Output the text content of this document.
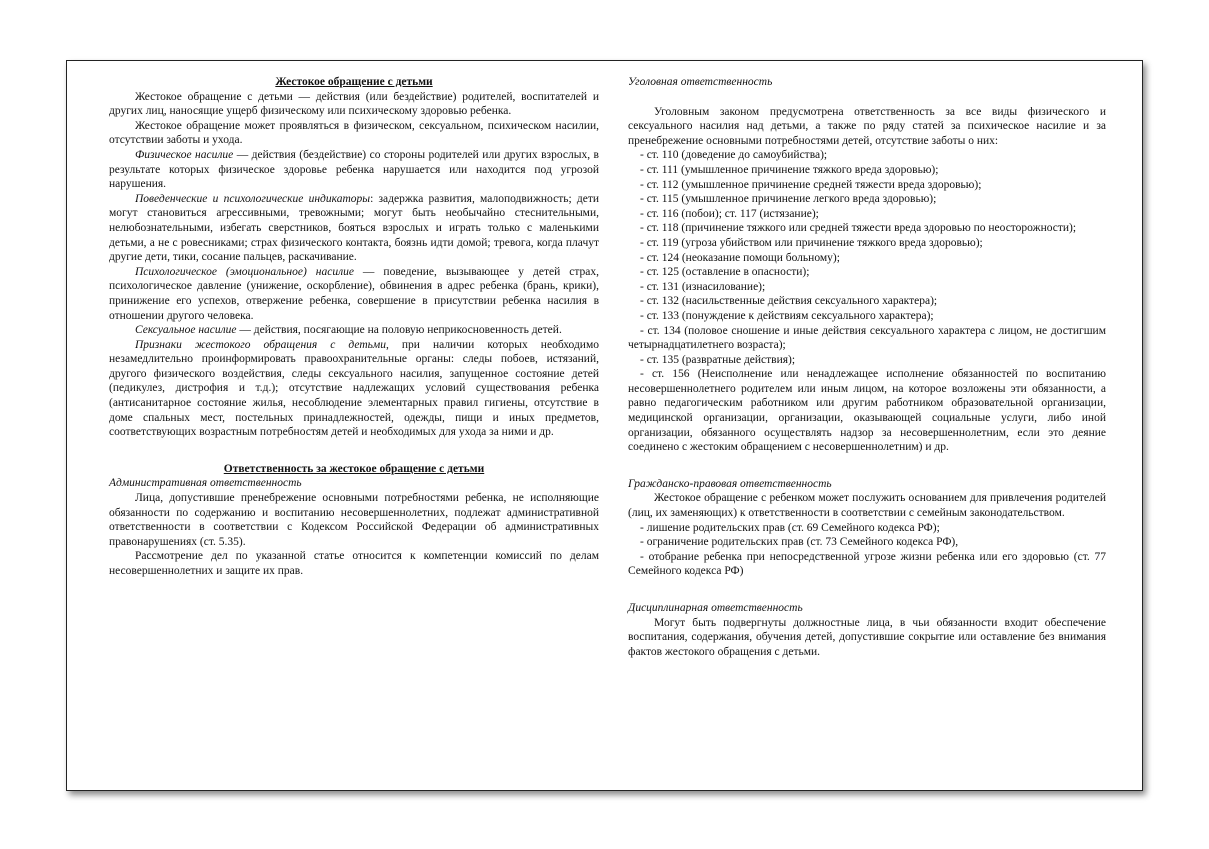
Жестокое обращение с детьми

Жестокое обращение с детьми — действия (или бездействие) родителей, воспитателей и других лиц, наносящие ущерб физическому или психическому здоровью ребенка.

Жестокое обращение может проявляться в физическом, сексуальном, психическом насилии, отсутствии заботы и ухода.

Физическое насилие — действия (бездействие) со стороны родителей или других взрослых, в результате которых физическое здоровье ребенка нарушается или находится под угрозой нарушения.

Поведенческие и психологические индикаторы: задержка развития, малоподвижность; дети могут становиться агрессивными, тревожными; могут быть необычайно стеснительными, нелюбознательными, избегать сверстников, бояться взрослых и играть только с маленькими детьми, а не с ровесниками; страх физического контакта, боязнь идти домой; тревога, когда плачут другие дети, тики, сосание пальцев, раскачивание.

Психологическое (эмоциональное) насилие — поведение, вызывающее у детей страх, психологическое давление (унижение, оскорбление), обвинения в адрес ребенка (брань, крики), принижение его успехов, отвержение ребенка, совершение в присутствии ребенка насилия в отношении другого человека.

Сексуальное насилие — действия, посягающие на половую неприкосновенность детей.

Признаки жестокого обращения с детьми, при наличии которых необходимо незамедлительно проинформировать правоохранительные органы: следы побоев, истязаний, другого физического воздействия, следы сексуального насилия, запущенное состояние детей (педикулез, дистрофия и т.д.); отсутствие надлежащих условий существования ребенка (антисанитарное состояние жилья, несоблюдение элементарных правил гигиены, отсутствие в доме спальных мест, постельных принадлежностей, одежды, пищи и иных предметов, соответствующих возрастным потребностям детей и необходимых для ухода за ними и др.

Ответственность за жестокое обращение с детьми

Административная ответственность

Лица, допустившие пренебрежение основными потребностями ребенка, не исполняющие обязанности по содержанию и воспитанию несовершеннолетних, подлежат административной ответственности в соответствии с Кодексом Российской Федерации об административных правонарушениях (ст. 5.35).

Рассмотрение дел по указанной статье относится к компетенции комиссий по делам несовершеннолетних и защите их прав.

Уголовная ответственность

Уголовным законом предусмотрена ответственность за все виды физического и сексуального насилия над детьми, а также по ряду статей за психическое насилие и за пренебрежение основными потребностями детей, отсутствие заботы о них:

- ст. 110 (доведение до самоубийства);

- ст. 111 (умышленное причинение тяжкого вреда здоровью);

- ст. 112 (умышленное причинение средней тяжести вреда здоровью);

- ст. 115 (умышленное причинение легкого вреда здоровью);

- ст. 116 (побои); ст. 117 (истязание);

- ст. 118 (причинение тяжкого или средней тяжести вреда здоровью по неосторожности);

- ст. 119 (угроза убийством или причинение тяжкого вреда здоровью);

- ст. 124 (неоказание помощи больному);

- ст. 125 (оставление в опасности);

- ст. 131 (изнасилование);

- ст. 132 (насильственные действия сексуального характера);

- ст. 133 (понуждение к действиям сексуального характера);

- ст. 134 (половое сношение и иные действия сексуального характера с лицом, не достигшим четырнадцатилетнего возраста);

- ст. 135 (развратные действия);

- ст. 156 (Неисполнение или ненадлежащее исполнение обязанностей по воспитанию несовершеннолетнего родителем или иным лицом, на которое возложены эти обязанности, а равно педагогическим работником или другим работником образовательной организации, медицинской организации, организации, оказывающей социальные услуги, либо иной организации, обязанного осуществлять надзор за несовершеннолетним, если это деяние соединено с жестоким обращением с несовершеннолетним) и др.

Гражданско-правовая ответственность

Жестокое обращение с ребенком может послужить основанием для привлечения родителей (лиц, их заменяющих) к ответственности в соответствии с семейным законодательством.

- лишение родительских прав (ст. 69 Семейного кодекса РФ);

- ограничение родительских прав (ст. 73 Семейного кодекса РФ),

- отобрание ребенка при непосредственной угрозе жизни ребенка или его здоровью (ст. 77 Семейного кодекса РФ)

Дисциплинарная ответственность

Могут быть подвергнуты должностные лица, в чьи обязанности входит обеспечение воспитания, содержания, обучения детей, допустившие сокрытие или оставление без внимания фактов жестокого обращения с детьми.
